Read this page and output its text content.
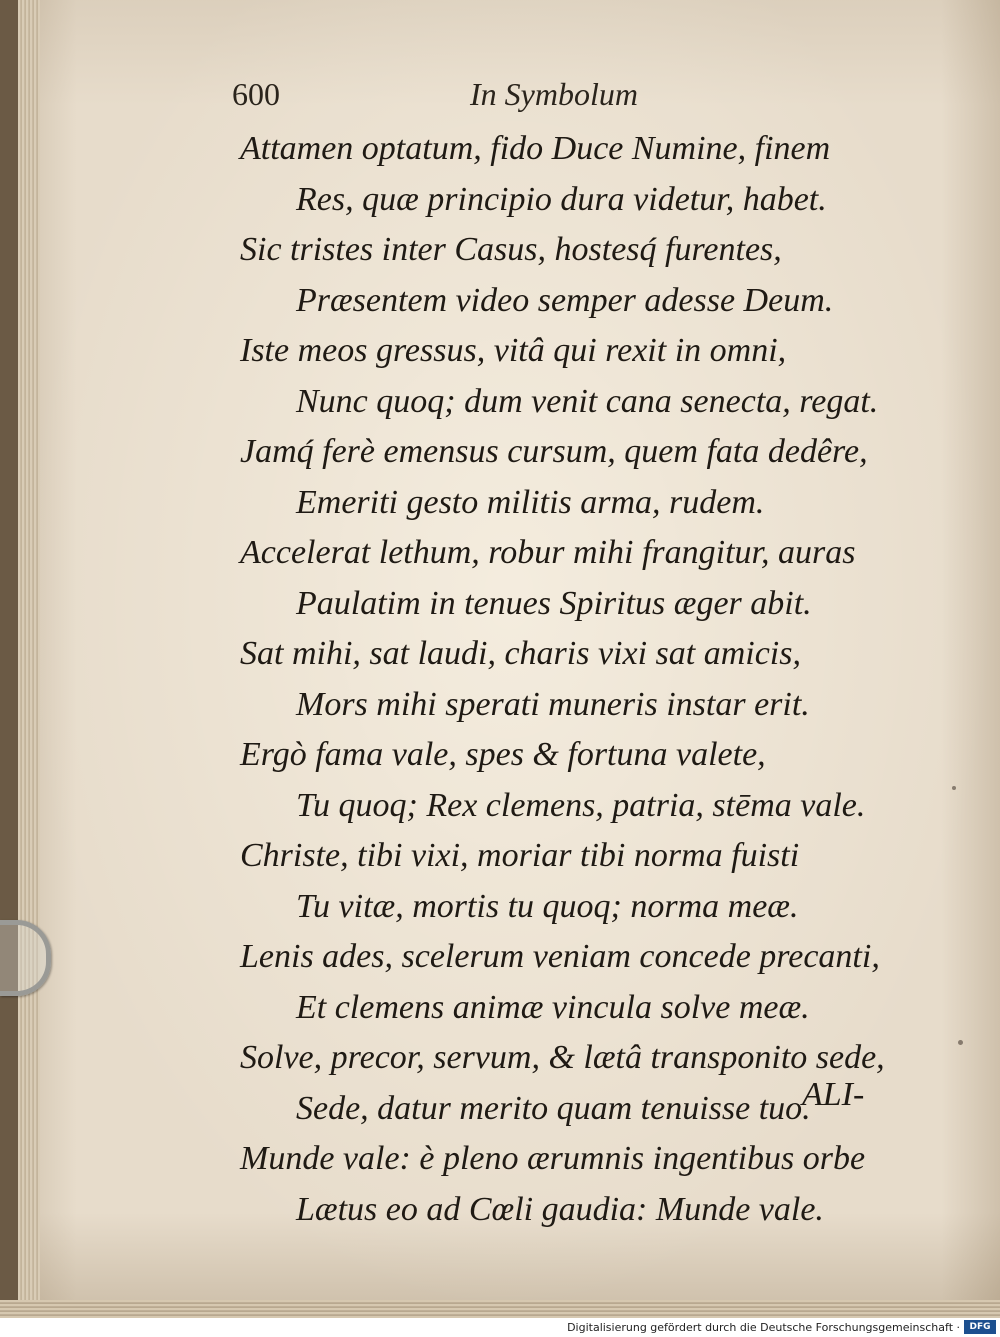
600	In Symbolum
Attamen optatum, fido Duce Numine, finem
Res, quæ principio dura videtur, habet.
Sic tristes inter Casus, hostesq́ furentes,
Præsentem video semper adesse Deum.
Iste meos gressus, vitâ qui rexit in omni,
Nunc quoq; dum venit cana senecta, regat.
Jamq́ ferè emensus cursum, quem fata dedêre,
Emeriti gesto militis arma, rudem.
Accelerat lethum, robur mihi frangitur, auras
Paulatim in tenues Spiritus æger abit.
Sat mihi, sat laudi, charis vixi sat amicis,
Mors mihi sperati muneris instar erit.
Ergò fama vale, spes & fortuna valete,
Tu quoq; Rex clemens, patria, stēma vale.
Christe, tibi vixi, moriar tibi norma fuisti
Tu vitæ, mortis tu quoq; norma meæ.
Lenis ades, scelerum veniam concede precanti,
Et clemens animæ vincula solve meæ.
Solve, precor, servum, & lætâ transponito sede,
Sede, datur merito quam tenuisse tuo.
Munde vale: è pleno ærumnis ingentibus orbe
Lætus eo ad Cœli gaudia: Munde vale.

ALI-
Digitalisierung gefördert durch die Deutsche Forschungsgemeinschaft ·	DFG
